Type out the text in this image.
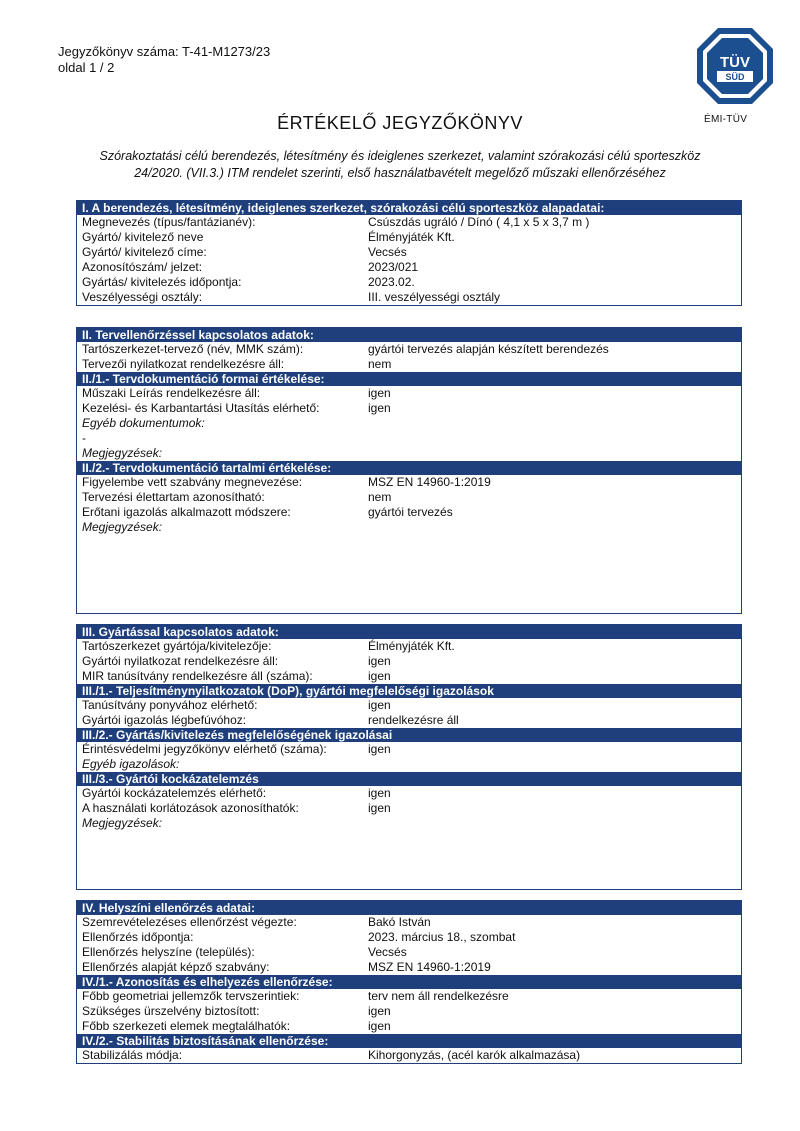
Jegyzőkönyv száma: T-41-M1273/23
oldal 1 / 2	TÜV
SÜD
ÉMI-TÜV
ÉRTÉKELŐ JEGYZŐKÖNYV
Szórakoztatási célú berendezés, létesítmény és ideiglenes szerkezet, valamint szórakozási célú sporteszköz
24/2020. (VII.3.) ITM rendelet szerinti, első használatbavételt megelőző műszaki ellenőrzéséhez
I. A berendezés, létesítmény, ideiglenes szerkezet, szórakozási célú sporteszköz alapadatai:
Megnevezés (típus/fantázianév):	Csúszdás ugráló / Dínó ( 4,1 x 5 x 3,7 m )
Gyártó/ kivitelező neve	Élményjáték Kft.
Gyártó/ kivitelező címe:	Vecsés
Azonosítószám/ jelzet:	2023/021
Gyártás/ kivitelezés időpontja:	2023.02.
Veszélyességi osztály:	III. veszélyességi osztály
II. Tervellenőrzéssel kapcsolatos adatok:
Tartószerkezet-tervező (név, MMK szám):	gyártói tervezés alapján készített berendezés
Tervezői nyilatkozat rendelkezésre áll:	nem
II./1.- Tervdokumentáció formai értékelése:
Műszaki Leírás rendelkezésre áll:	igen
Kezelési- és Karbantartási Utasítás elérhető:	igen
Egyéb dokumentumok:
-
Megjegyzések:
II./2.- Tervdokumentáció tartalmi értékelése:
Figyelembe vett szabvány megnevezése:	MSZ EN 14960-1:2019
Tervezési élettartam azonosítható:	nem
Erőtani igazolás alkalmazott módszere:	gyártói tervezés
Megjegyzések:
III. Gyártással kapcsolatos adatok:
Tartószerkezet gyártója/kivitelezője:	Élményjáték Kft.
Gyártói nyilatkozat rendelkezésre áll:	igen
MIR tanúsítvány rendelkezésre áll (száma):	igen
III./1.- Teljesítménynyilatkozatok (DoP), gyártói megfelelőségi igazolások
Tanúsítvány ponyvához elérhető:	igen
Gyártói igazolás légbefúvóhoz:	rendelkezésre áll
III./2.- Gyártás/kivitelezés megfelelőségének igazolásai
Érintésvédelmi jegyzőkönyv elérhető (száma):	igen
Egyéb igazolások:
III./3.- Gyártói kockázatelemzés
Gyártói kockázatelemzés elérhető:	igen
A használati korlátozások azonosíthatók:	igen
Megjegyzések:
IV. Helyszíni ellenőrzés adatai:
Szemrevételezéses ellenőrzést végezte:	Bakó István
Ellenőrzés időpontja:	2023. március 18., szombat
Ellenőrzés helyszíne (település):	Vecsés
Ellenőrzés alapját képző szabvány:	MSZ EN 14960-1:2019
IV./1.- Azonosítás és elhelyezés ellenőrzése:
Főbb geometriai jellemzők tervszerintiek:	terv nem áll rendelkezésre
Szükséges ürszelvény biztosított:	igen
Főbb szerkezeti elemek megtalálhatók:	igen
IV./2.- Stabilitás biztosításának ellenőrzése:
Stabilizálás módja:	Kihorgonyzás, (acél karók alkalmazása)
